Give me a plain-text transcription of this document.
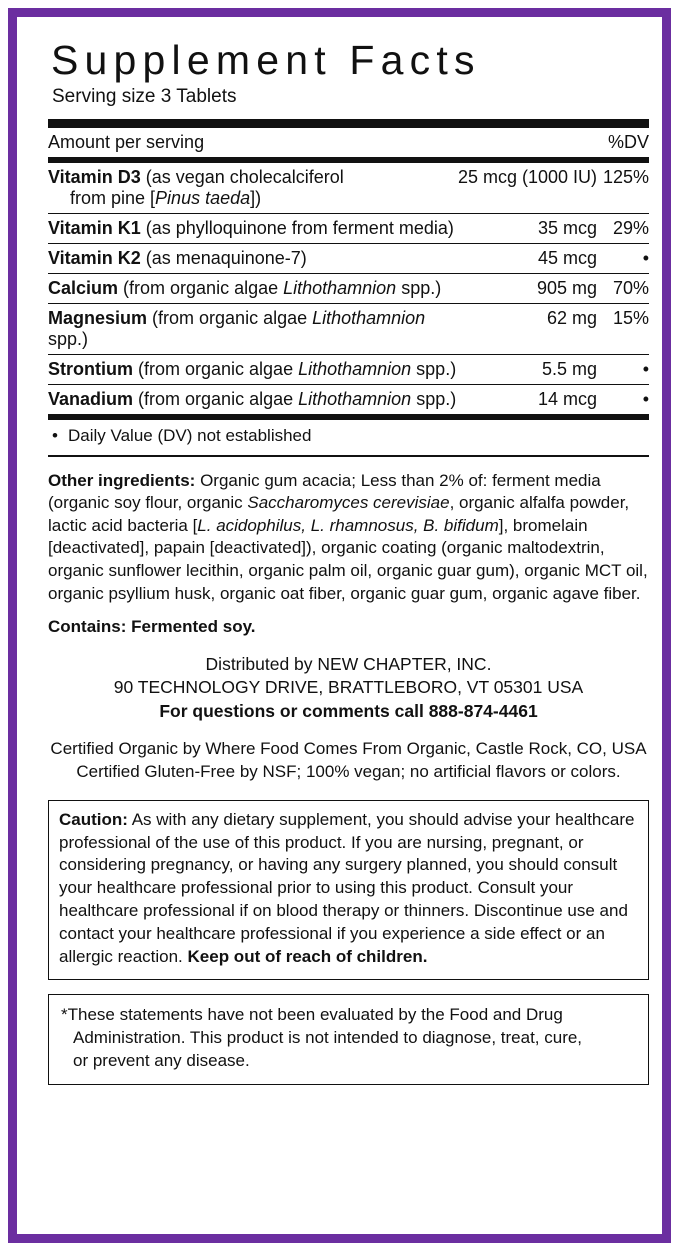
Supplement Facts
Serving size 3 Tablets
Amount per serving		%DV
Vitamin D3 (as vegan cholecalciferol
from pine [Pinus taeda])	25 mcg (1000 IU)	125%
Vitamin K1 (as phylloquinone from ferment media)	35 mcg	29%
Vitamin K2 (as menaquinone-7)	45 mcg	•
Calcium (from organic algae Lithothamnion spp.)	905 mg	70%
Magnesium (from organic algae Lithothamnion spp.)	62 mg	15%
Strontium (from organic algae Lithothamnion spp.)	5.5 mg	•
Vanadium (from organic algae Lithothamnion spp.)	14 mcg	•
• Daily Value (DV) not established
Other ingredients: Organic gum acacia; Less than 2% of: ferment media (organic soy flour, organic Saccharomyces cerevisiae, organic alfalfa powder, lactic acid bacteria [L. acidophilus, L. rhamnosus, B. bifidum], bromelain [deactivated], papain [deactivated]), organic coating (organic maltodextrin, organic sunflower lecithin, organic palm oil, organic guar gum), organic MCT oil, organic psyllium husk, organic oat fiber, organic guar gum, organic agave fiber.
Contains: Fermented soy.
Distributed by NEW CHAPTER, INC.
90 TECHNOLOGY DRIVE, BRATTLEBORO, VT 05301 USA
For questions or comments call 888-874-4461
Certified Organic by Where Food Comes From Organic, Castle Rock, CO, USA
Certified Gluten-Free by NSF; 100% vegan; no artificial flavors or colors.
Caution: As with any dietary supplement, you should advise your healthcare professional of the use of this product. If you are nursing, pregnant, or considering pregnancy, or having any surgery planned, you should consult your healthcare professional prior to using this product. Consult your healthcare professional if on blood therapy or thinners. Discontinue use and contact your healthcare professional if you experience a side effect or an allergic reaction. Keep out of reach of children.
*These statements have not been evaluated by the Food and Drug
Administration. This product is not intended to diagnose, treat, cure,
or prevent any disease.
